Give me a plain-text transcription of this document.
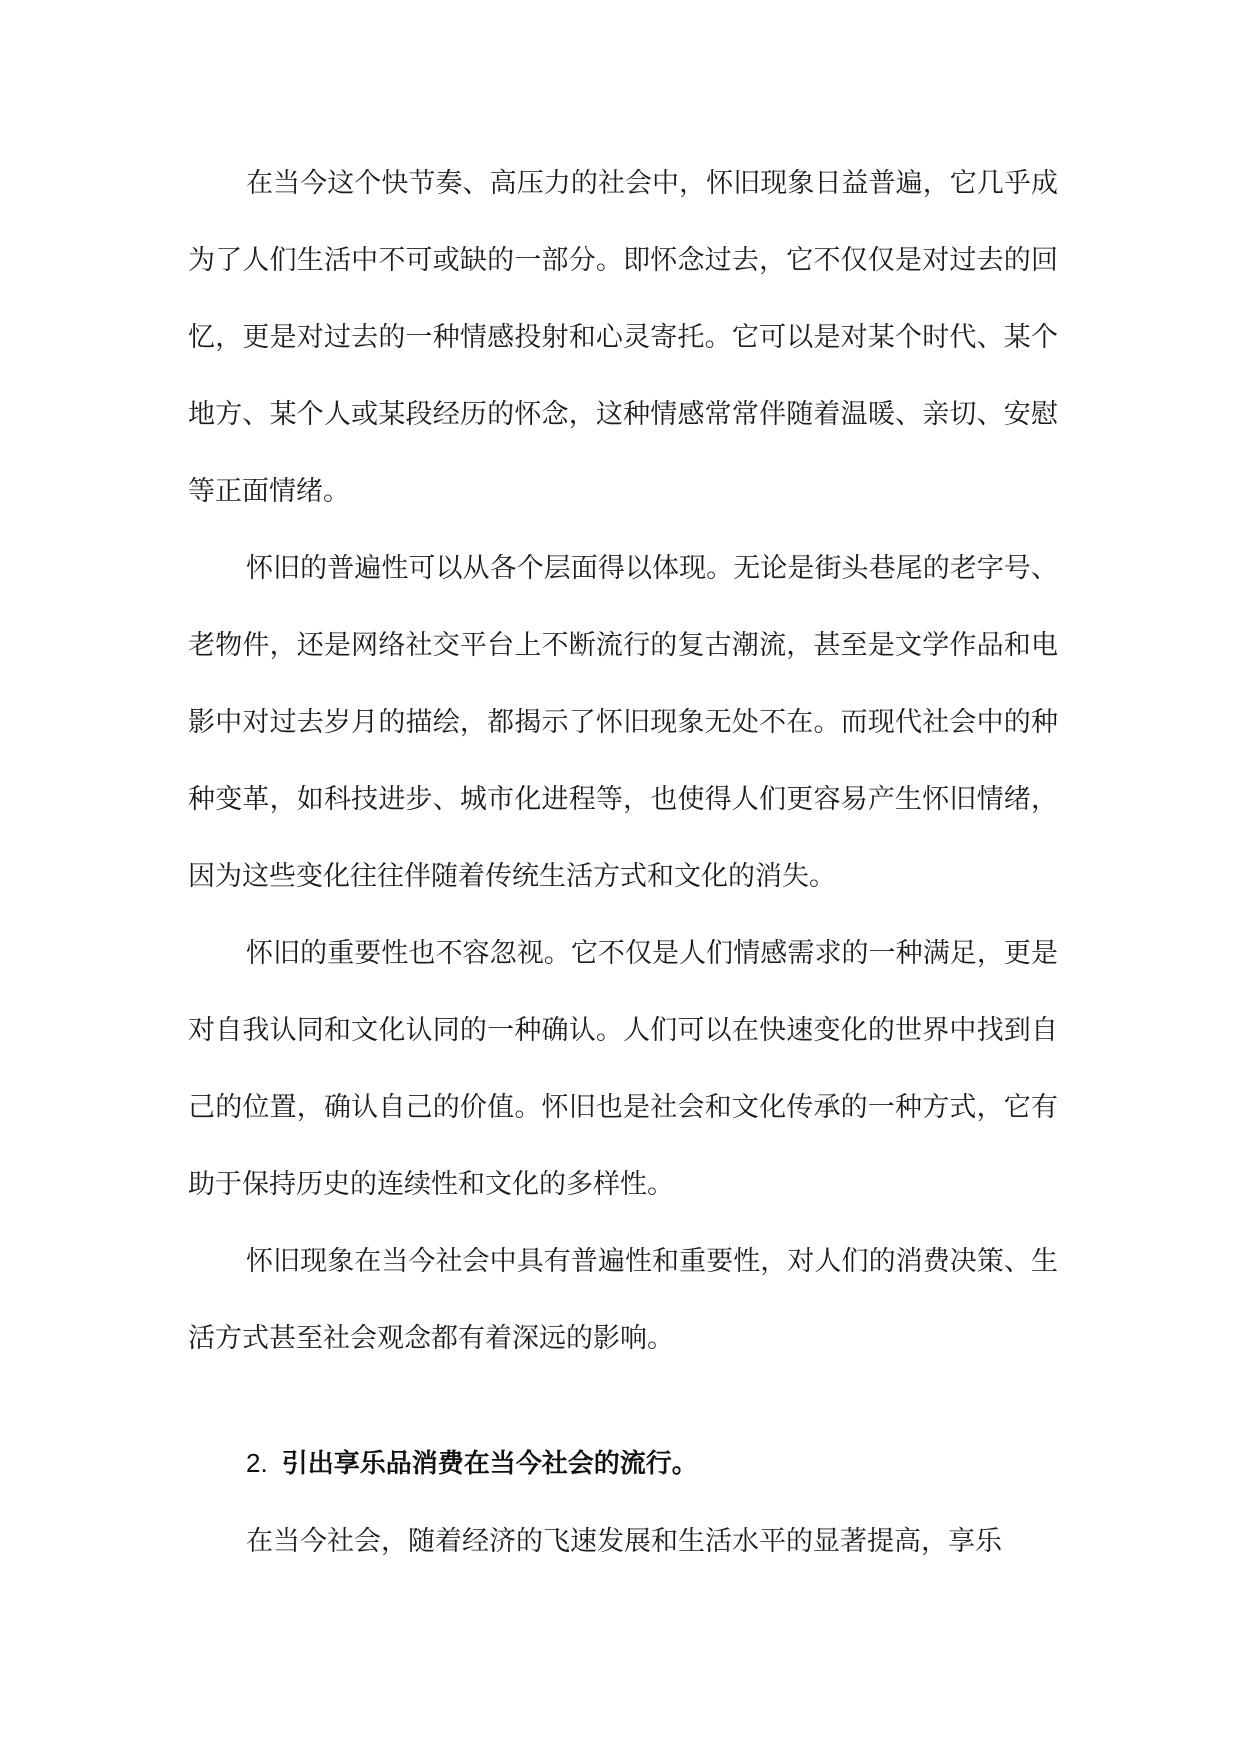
在当今这个快节奏、高压力的社会中，怀旧现象日益普遍，它几乎成为了人们生活中不可或缺的一部分。即怀念过去，它不仅仅是对过去的回忆，更是对过去的一种情感投射和心灵寄托。它可以是对某个时代、某个地方、某个人或某段经历的怀念，这种情感常常伴随着温暖、亲切、安慰等正面情绪。

怀旧的普遍性可以从各个层面得以体现。无论是街头巷尾的老字号、老物件，还是网络社交平台上不断流行的复古潮流，甚至是文学作品和电影中对过去岁月的描绘，都揭示了怀旧现象无处不在。而现代社会中的种种变革，如科技进步、城市化进程等，也使得人们更容易产生怀旧情绪，因为这些变化往往伴随着传统生活方式和文化的消失。

怀旧的重要性也不容忽视。它不仅是人们情感需求的一种满足，更是对自我认同和文化认同的一种确认。人们可以在快速变化的世界中找到自己的位置，确认自己的价值。怀旧也是社会和文化传承的一种方式，它有助于保持历史的连续性和文化的多样性。

怀旧现象在当今社会中具有普遍性和重要性，对人们的消费决策、生活方式甚至社会观念都有着深远的影响。

2. 引出享乐品消费在当今社会的流行。

在当今社会，随着经济的飞速发展和生活水平的显著提高，享乐
